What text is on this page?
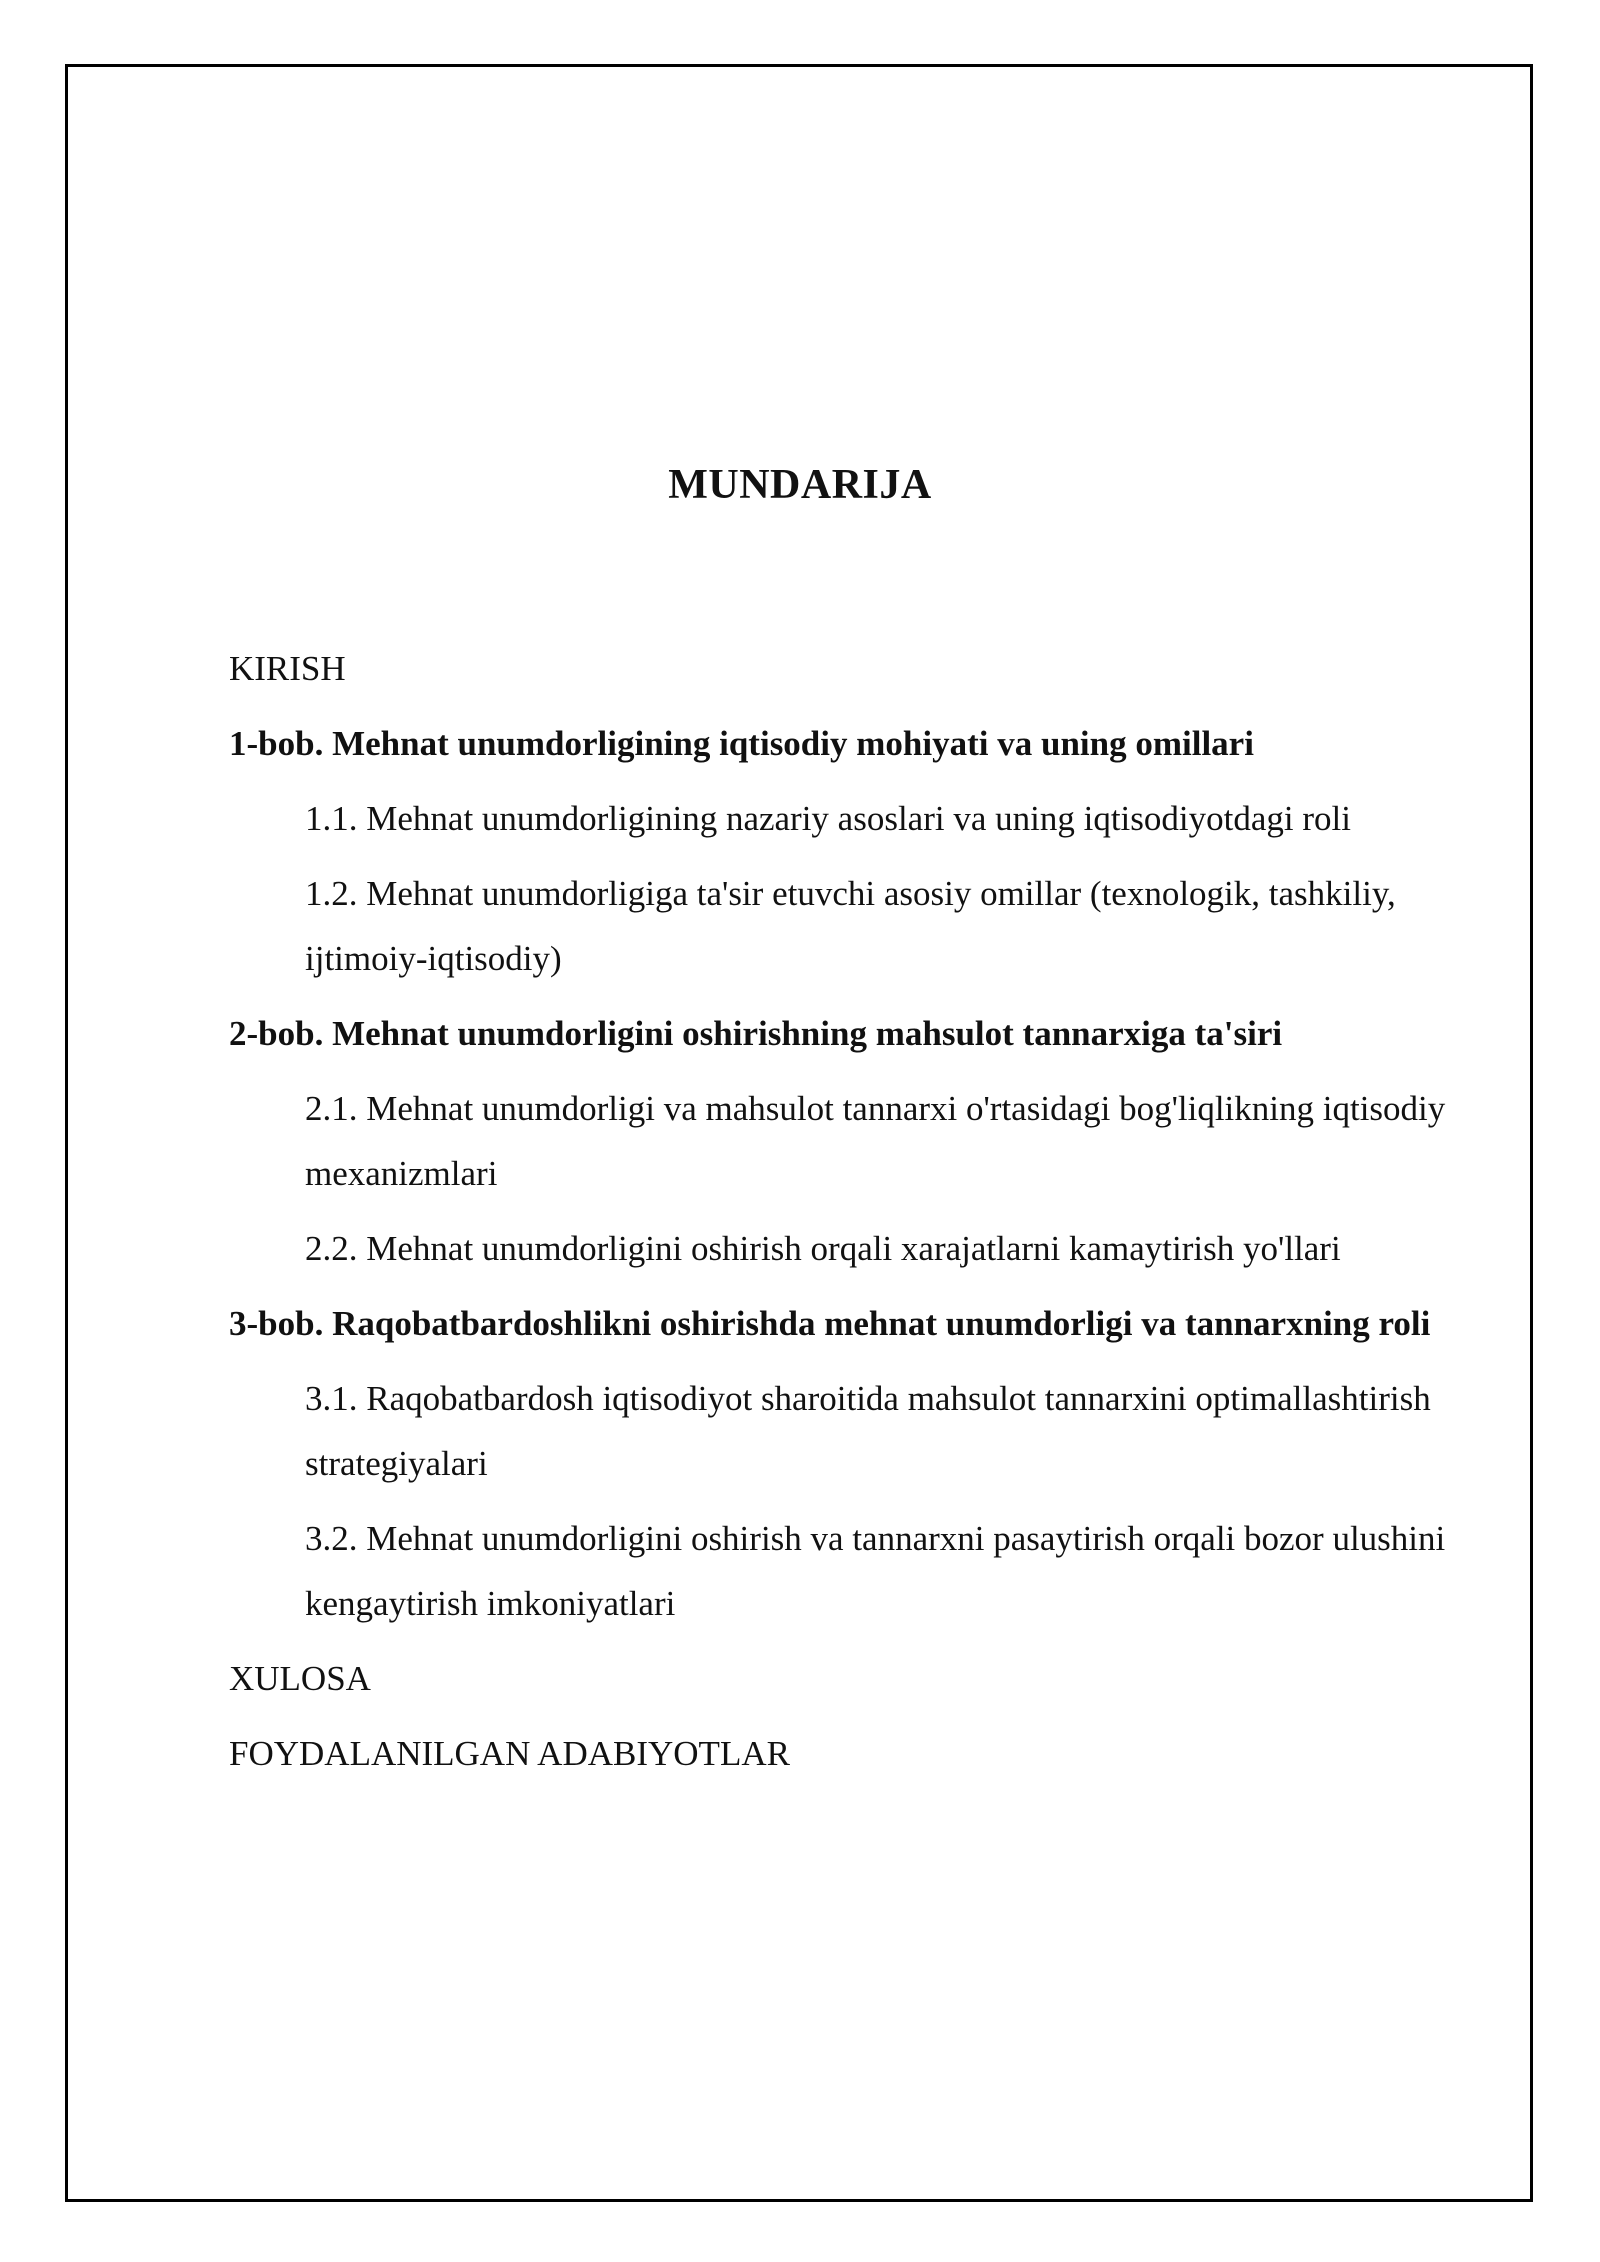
MUNDARIJA
KIRISH
1-bob. Mehnat unumdorligining iqtisodiy mohiyati va uning omillari
1.1. Mehnat unumdorligining nazariy asoslari va uning iqtisodiyotdagi roli
1.2. Mehnat unumdorligiga ta'sir etuvchi asosiy omillar (texnologik, tashkiliy, ijtimoiy-iqtisodiy)
2-bob. Mehnat unumdorligini oshirishning mahsulot tannarxiga ta'siri
2.1. Mehnat unumdorligi va mahsulot tannarxi o'rtasidagi bog'liqlikning iqtisodiy mexanizmlari
2.2. Mehnat unumdorligini oshirish orqali xarajatlarni kamaytirish yo'llari
3-bob. Raqobatbardoshlikni oshirishda mehnat unumdorligi va tannarxning roli
3.1. Raqobatbardosh iqtisodiyot sharoitida mahsulot tannarxini optimallashtirish strategiyalari
3.2. Mehnat unumdorligini oshirish va tannarxni pasaytirish orqali bozor ulushini kengaytirish imkoniyatlari
XULOSA
FOYDALANILGAN ADABIYOTLAR
